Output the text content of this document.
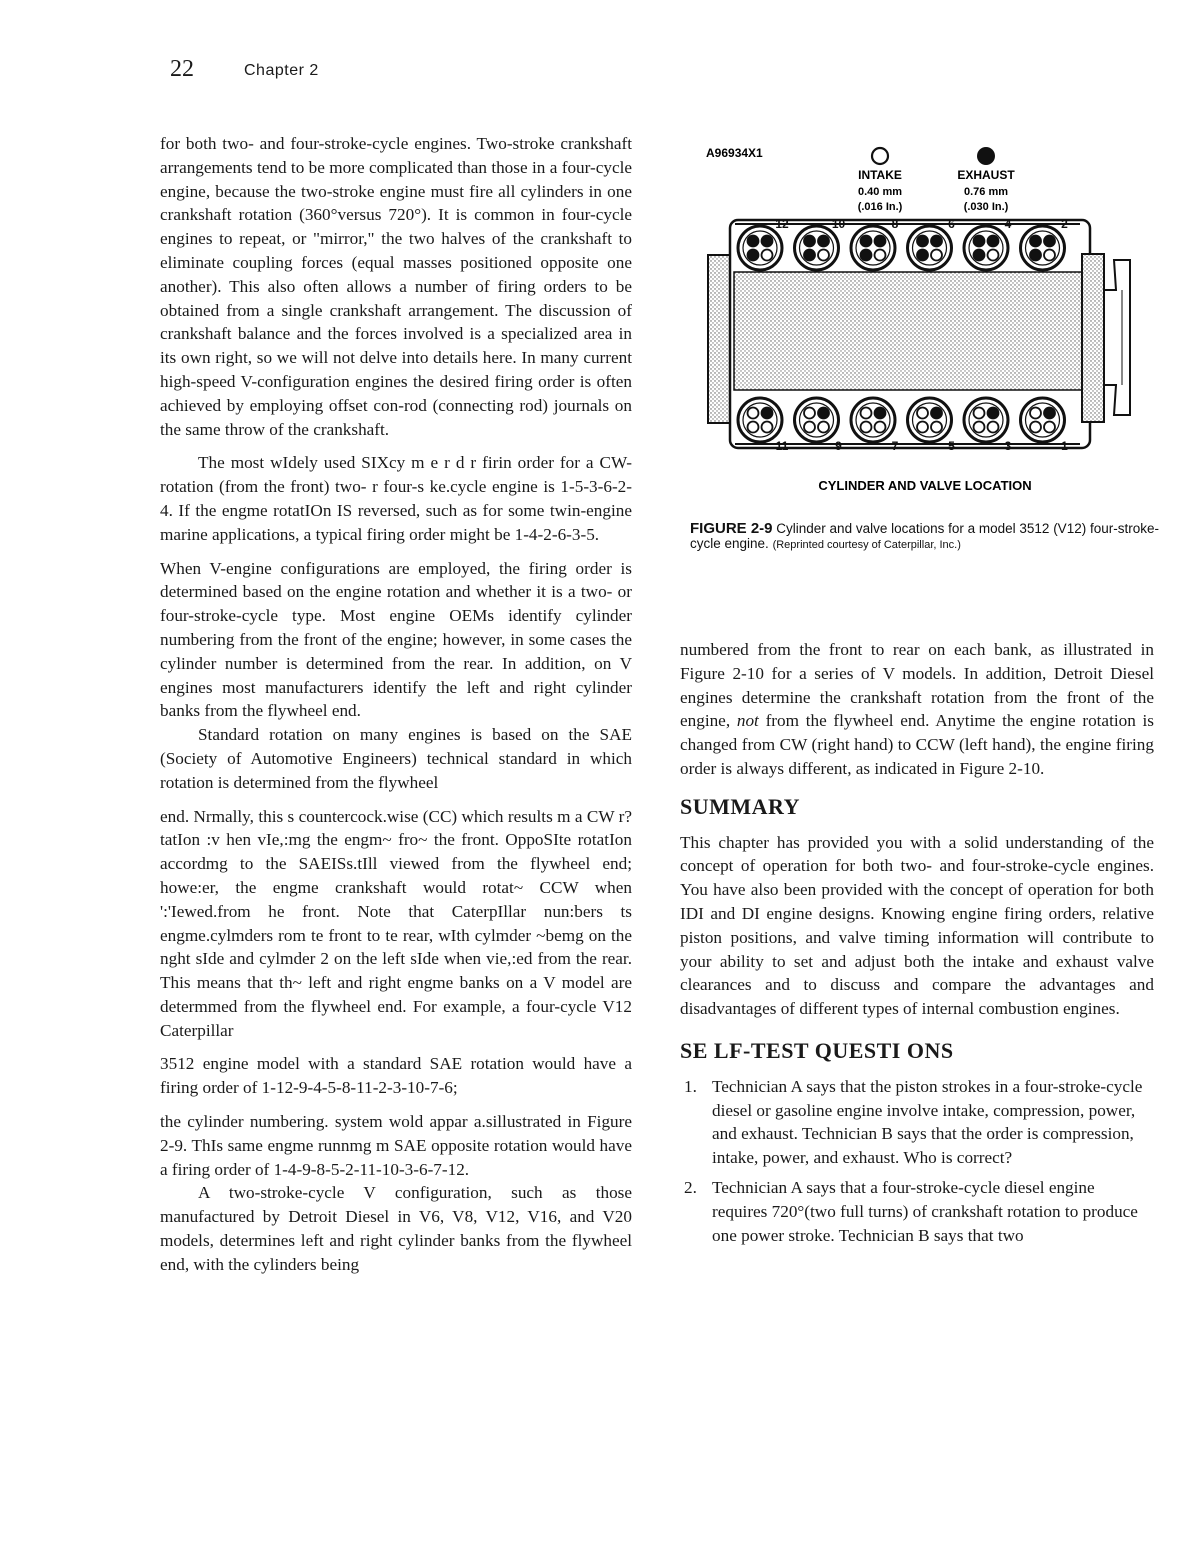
22	Chapter 2

for both two- and four-stroke-cycle engines. Two-stroke crankshaft arrangements tend to be more complicated than those in a four-cycle engine, because the two-stroke engine must fire all cylinders in one crankshaft rotation (360°versus 720°). It is common in four-cycle engines to repeat, or "mirror," the two halves of the crankshaft to eliminate coupling forces (equal masses positioned opposite one another). This also often allows a number of firing orders to be obtained from a single crankshaft arrangement. The discussion of crankshaft balance and the forces involved is a specialized area in its own right, so we will not delve into details here. In many current high-speed V-configuration engines the desired firing order is often achieved by employing offset con-rod (connecting rod) journals on the same throw of the crankshaft.

The most wIdely used SIXcy m e r d r firin order for a CW-rotation (from the front) two- r four-s ke.cycle engine is 1-5-3-6-2-4. If the engme rotatIOn IS reversed, such as for some twin-engine marine applications, a typical firing order might be 1-4-2-6-3-5.

When V-engine configurations are employed, the firing order is determined based on the engine rotation and whether it is a two- or four-stroke-cycle type. Most engine OEMs identify cylinder numbering from the front of the engine; however, in some cases the cylinder number is determined from the rear. In addition, on V engines most manufacturers identify the left and right cylinder banks from the flywheel end.

Standard rotation on many engines is based on the SAE (Society of Automotive Engineers) technical standard in which rotation is determined from the flywheel

end. Nrmally, this s countercock.wise (CC) which results m a CW r?tatIon :v hen vIe,:mg the engm~ fro~ the front. OppoSIte rotatIon accordmg to the SAEISs.tIll viewed from the flywheel end; howe:er, the engme crankshaft would rotat~ CCW when ':'Iewed.from he front. Note that CaterpIllar nun:bers ts engme.cylmders rom te front to te rear, wIth cylmder ~bemg on the nght sIde and cylmder 2 on the left sIde when vie,:ed from the rear. This means that th~ left and right engme banks on a V model are determmed from the flywheel end. For example, a four-cycle V12 Caterpillar

3512 engine model with a standard SAE rotation would have a firing order of 1-12-9-4-5-8-11-2-3-10-7-6;

the cylinder numbering. system wold appar a.sillustrated in Figure 2-9. ThIs same engme runnmg m SAE opposite rotation would have a firing order of 1-4-9-8-5-2-11-10-3-6-7-12.

A two-stroke-cycle V configuration, such as those manufactured by Detroit Diesel in V6, V8, V12, V16, and V20 models, determines left and right cylinder banks from the flywheel end, with the cylinders being

A96934X1
INTAKE
0.40 mm
(.016 In.)
EXHAUST
0.76 mm
(.030 In.)
12	10	8	6	4	2
11	9	7	5	3	1
CYLINDER AND VALVE LOCATION
FIGURE 2-9 Cylinder and valve locations for a model 3512 (V12) four-stroke-cycle engine. (Reprinted courtesy of Caterpillar, Inc.)

numbered from the front to rear on each bank, as illustrated in Figure 2-10 for a series of V models. In addition, Detroit Diesel engines determine the crankshaft rotation from the front of the engine, not from the flywheel end. Anytime the engine rotation is changed from CW (right hand) to CCW (left hand), the engine firing order is always different, as indicated in Figure 2-10.

SUMMARY

This chapter has provided you with a solid understanding of the concept of operation for both two- and four-stroke-cycle engines. You have also been provided with the concept of operation for both IDI and DI engine designs. Knowing engine firing orders, relative piston positions, and valve timing information will contribute to your ability to set and adjust both the intake and exhaust valve clearances and to discuss and compare the advantages and disadvantages of different types of internal combustion engines.

SE LF-TEST QUESTI ONS
1. Technician A says that the piston strokes in a four-stroke-cycle diesel or gasoline engine involve intake, compression, power, and exhaust. Technician B says that the order is compression, intake, power, and exhaust. Who is correct?
2. Technician A says that a four-stroke-cycle diesel engine requires 720°(two full turns) of crankshaft rotation to produce one power stroke. Technician B says that two
